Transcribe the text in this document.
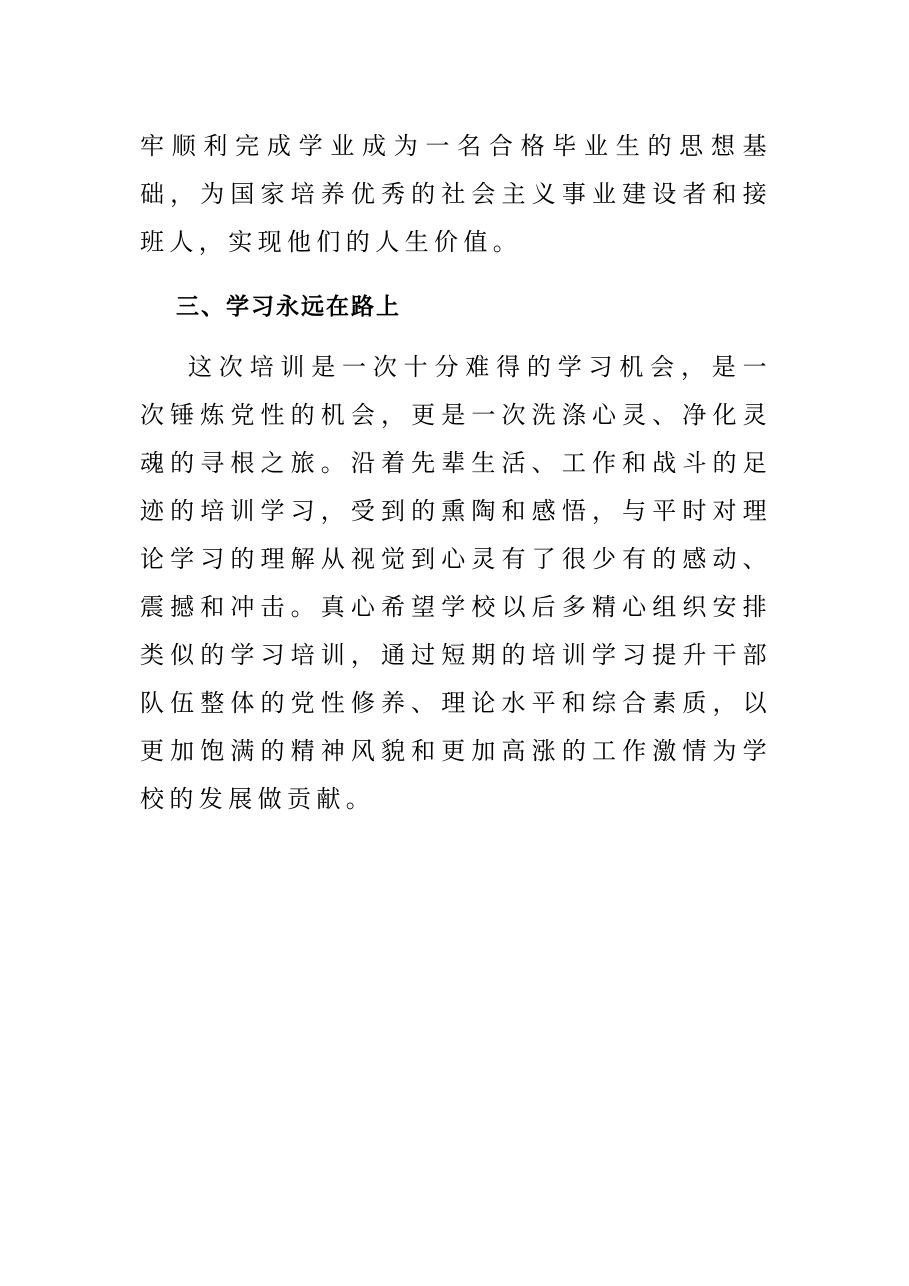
牢顺利完成学业成为一名合格毕业生的思想基础，为国家培养优秀的社会主义事业建设者和接班人，实现他们的人生价值。

三、学习永远在路上

这次培训是一次十分难得的学习机会，是一次锤炼党性的机会，更是一次洗涤心灵、净化灵魂的寻根之旅。沿着先辈生活、工作和战斗的足迹的培训学习，受到的熏陶和感悟，与平时对理论学习的理解从视觉到心灵有了很少有的感动、震撼和冲击。真心希望学校以后多精心组织安排类似的学习培训，通过短期的培训学习提升干部队伍整体的党性修养、理论水平和综合素质，以更加饱满的精神风貌和更加高涨的工作激情为学校的发展做贡献。
